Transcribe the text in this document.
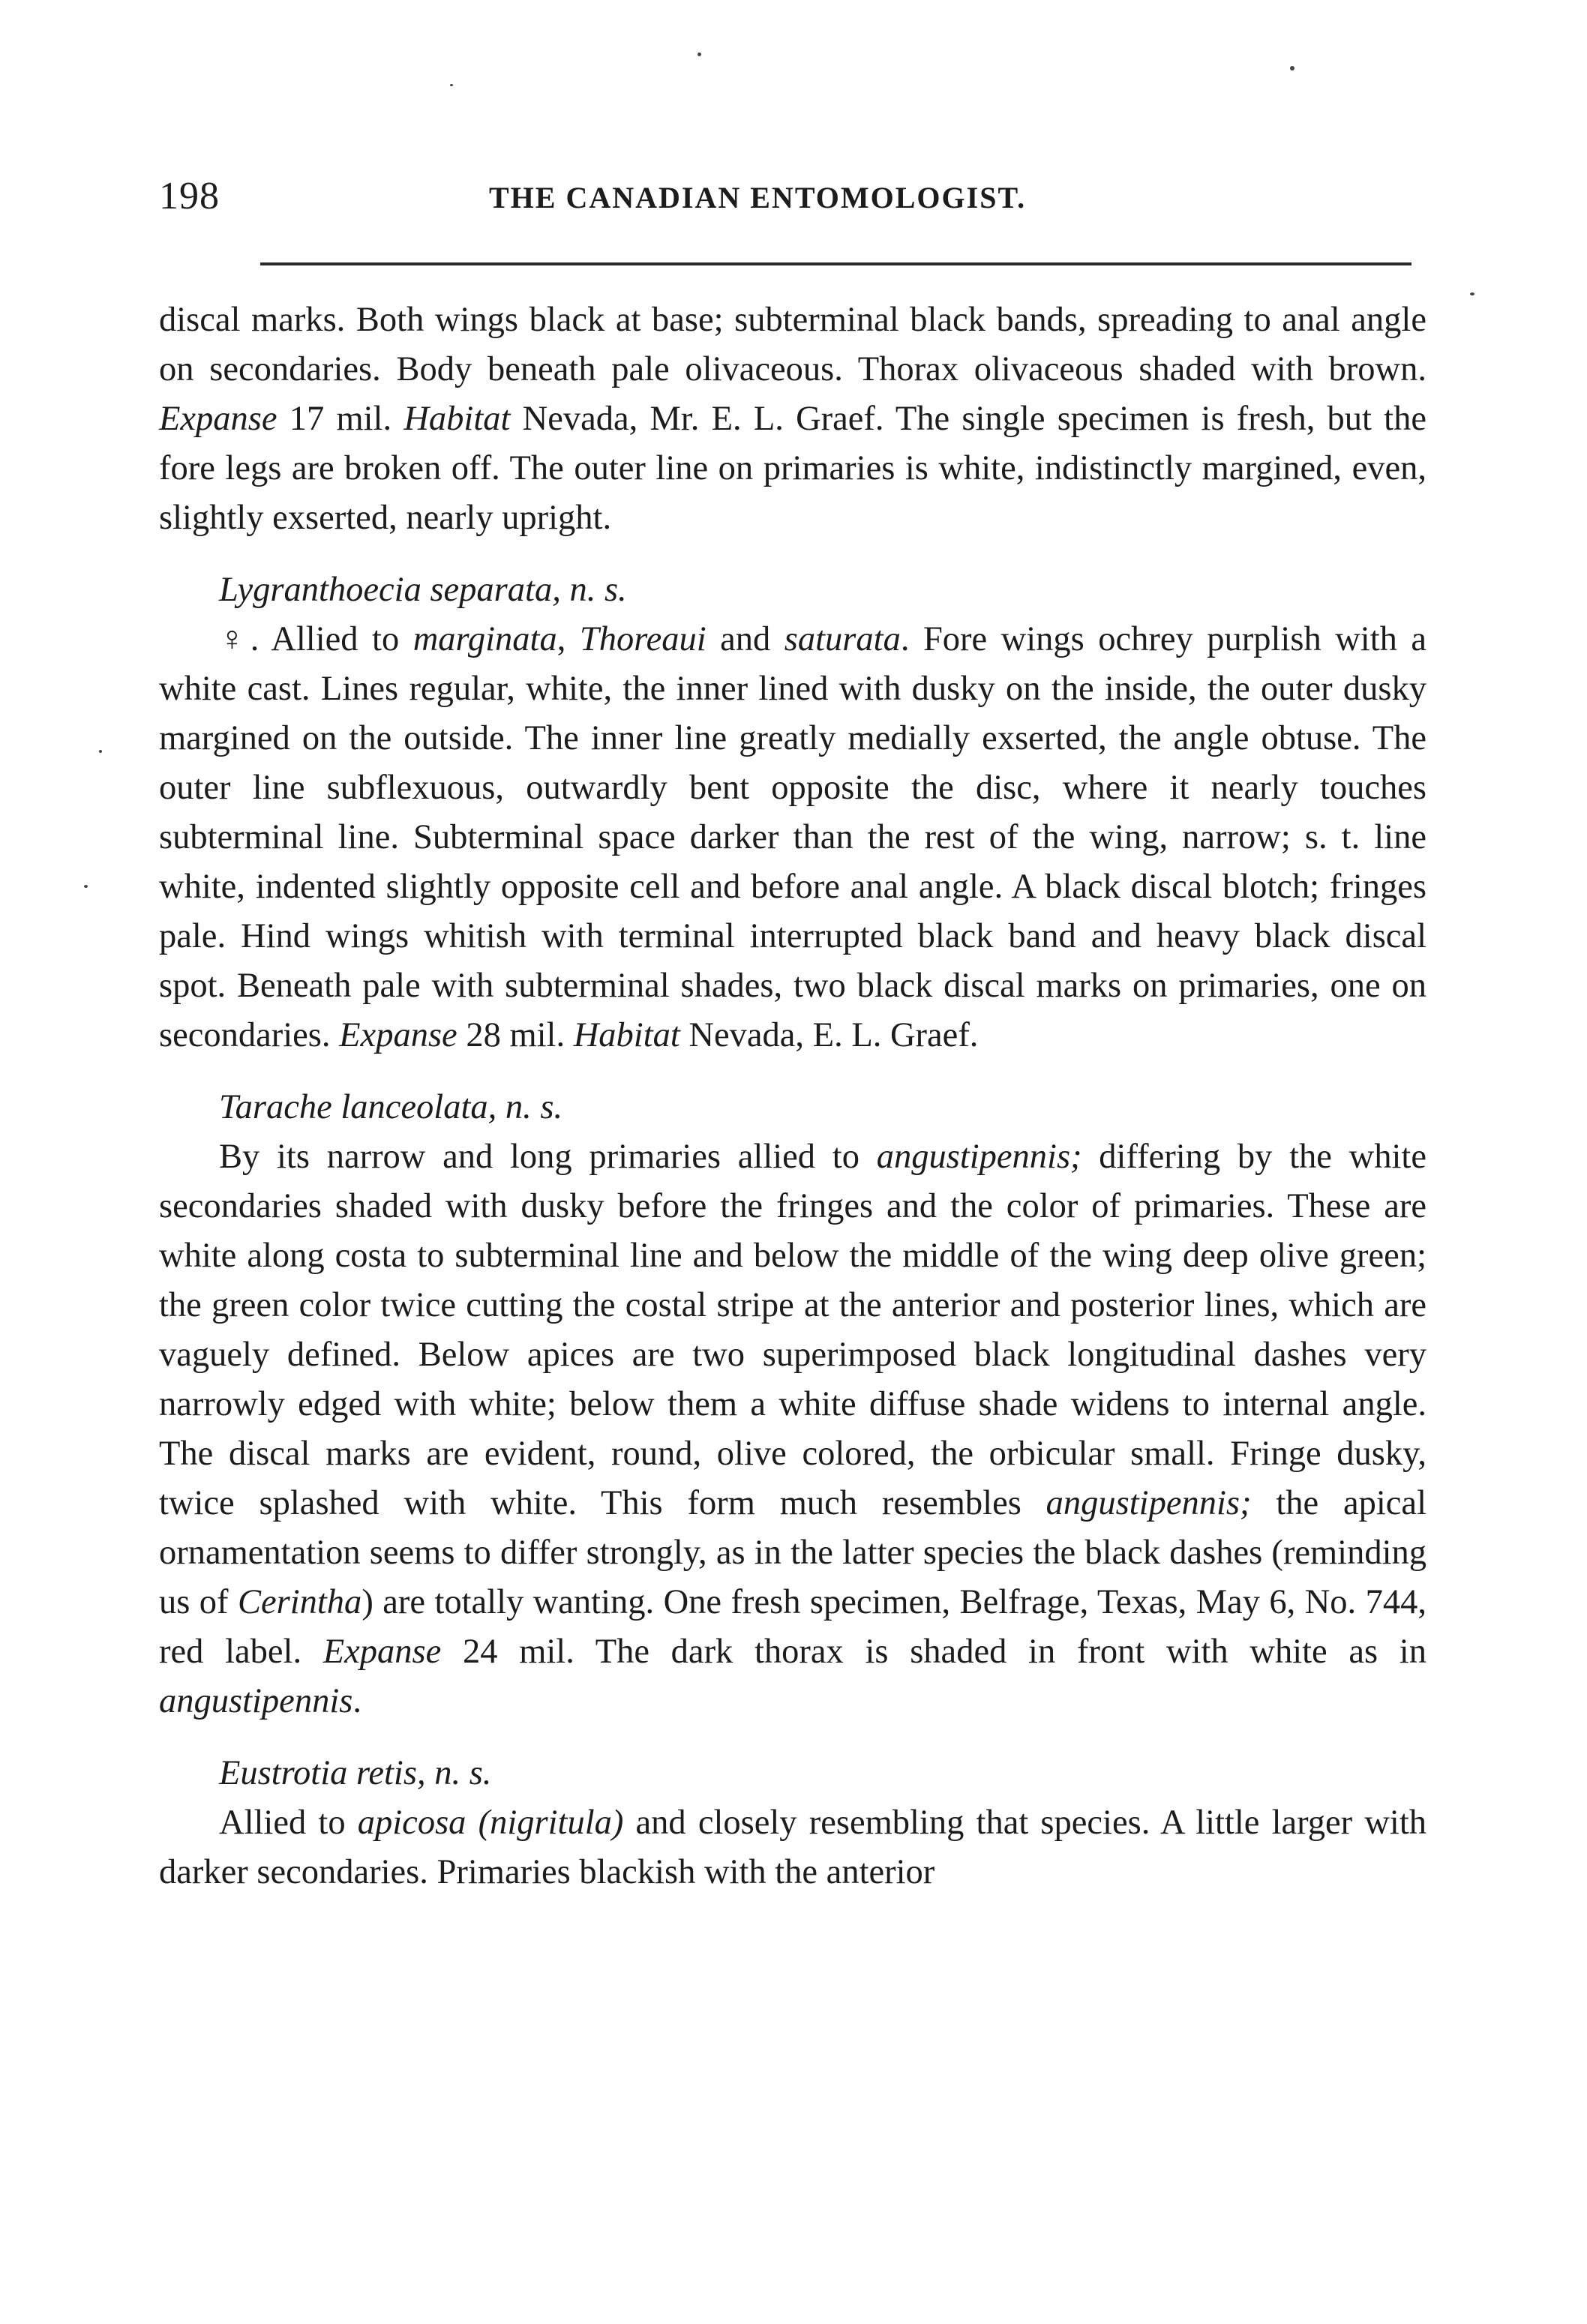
198	THE CANADIAN ENTOMOLOGIST.

discal marks. Both wings black at base; subterminal black bands, spreading to anal angle on secondaries. Body beneath pale olivaceous. Thorax olivaceous shaded with brown. Expanse 17 mil. Habitat Nevada, Mr. E. L. Graef. The single specimen is fresh, but the fore legs are broken off. The outer line on primaries is white, indistinctly margined, even, slightly exserted, nearly upright.

Lygranthoecia separata, n. s.

♀. Allied to marginata, Thoreaui and saturata. Fore wings ochrey purplish with a white cast. Lines regular, white, the inner lined with dusky on the inside, the outer dusky margined on the outside. The inner line greatly medially exserted, the angle obtuse. The outer line subflexuous, outwardly bent opposite the disc, where it nearly touches subterminal line. Subterminal space darker than the rest of the wing, narrow; s. t. line white, indented slightly opposite cell and before anal angle. A black discal blotch; fringes pale. Hind wings whitish with terminal interrupted black band and heavy black discal spot. Beneath pale with subterminal shades, two black discal marks on primaries, one on secondaries. Expanse 28 mil. Habitat Nevada, E. L. Graef.

Tarache lanceolata, n. s.

By its narrow and long primaries allied to angustipennis; differing by the white secondaries shaded with dusky before the fringes and the color of primaries. These are white along costa to subterminal line and below the middle of the wing deep olive green; the green color twice cutting the costal stripe at the anterior and posterior lines, which are vaguely defined. Below apices are two superimposed black longitudinal dashes very narrowly edged with white; below them a white diffuse shade widens to internal angle. The discal marks are evident, round, olive colored, the orbicular small. Fringe dusky, twice splashed with white. This form much resembles angustipennis; the apical ornamentation seems to differ strongly, as in the latter species the black dashes (reminding us of Cerintha) are totally wanting. One fresh specimen, Belfrage, Texas, May 6, No. 744, red label. Expanse 24 mil. The dark thorax is shaded in front with white as in angustipennis.

Eustrotia retis, n. s.

Allied to apicosa (nigritula) and closely resembling that species. A little larger with darker secondaries. Primaries blackish with the anterior
